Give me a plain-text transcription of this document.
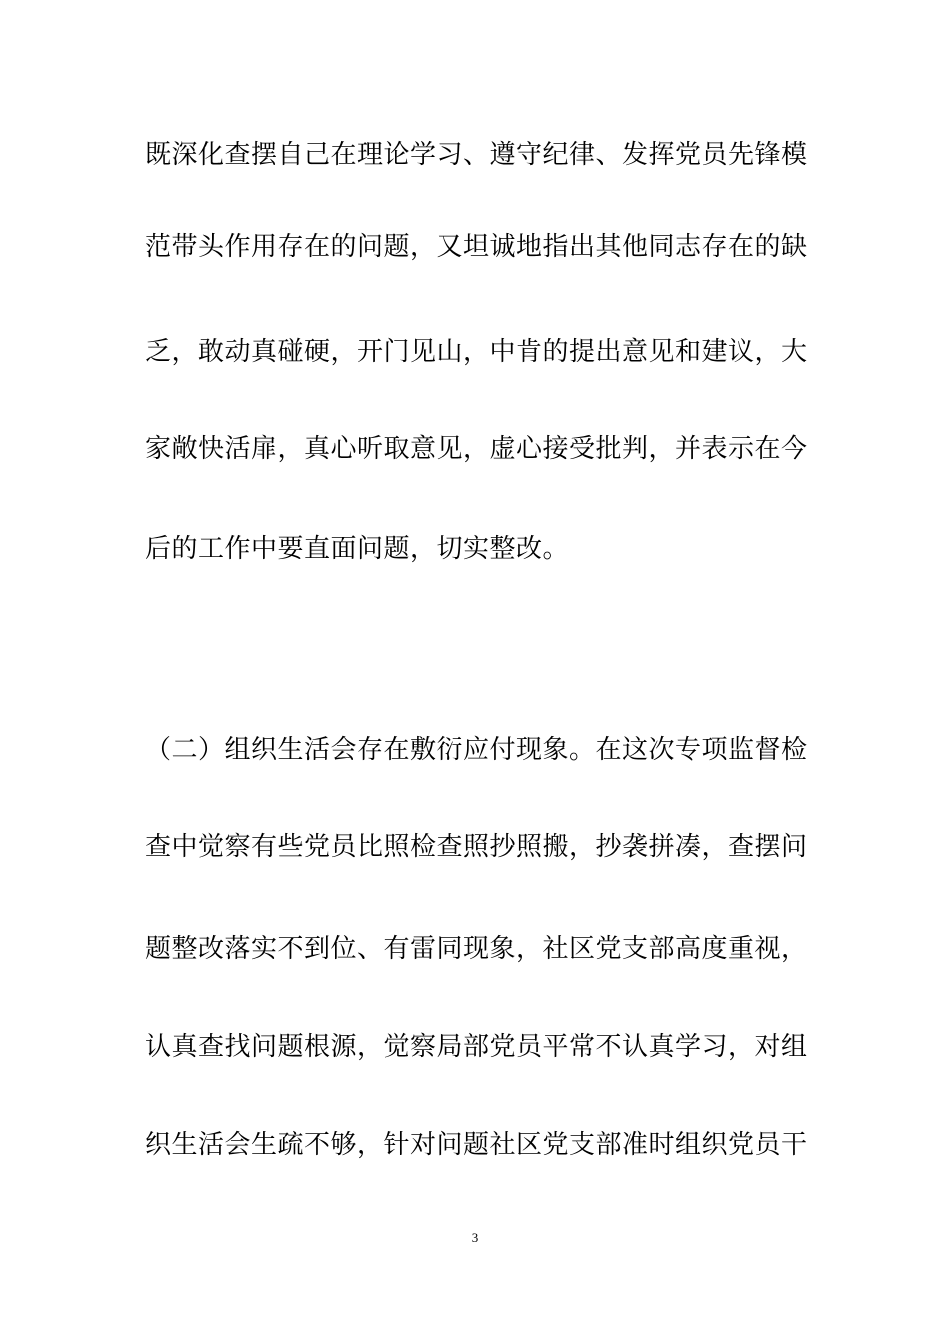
既深化查摆自己在理论学习、遵守纪律、发挥党员先锋模
范带头作用存在的问题，又坦诚地指出其他同志存在的缺
乏，敢动真碰硬，开门见山，中肯的提出意见和建议，大
家敞快活扉，真心听取意见，虚心接受批判，并表示在今
后的工作中要直面问题，切实整改。
（二）组织生活会存在敷衍应付现象。在这次专项监督检
查中觉察有些党员比照检查照抄照搬，抄袭拼凑，查摆问
题整改落实不到位、有雷同现象，社区党支部高度重视，
认真查找问题根源，觉察局部党员平常不认真学习，对组
织生活会生疏不够，针对问题社区党支部准时组织党员干
3
